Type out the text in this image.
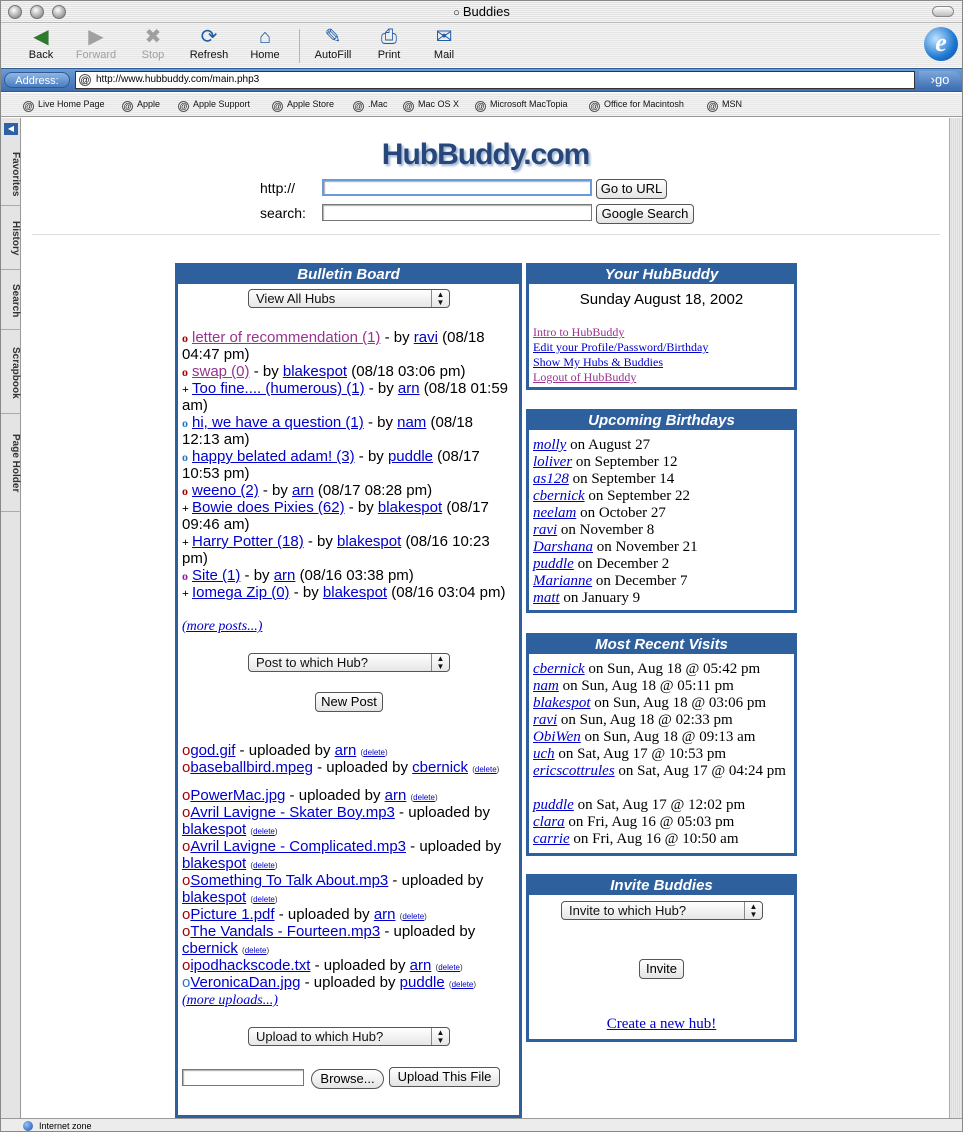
○ Buddies
◀
Back
▶
Forward
✖
Stop
⟳
Refresh
⌂
Home
✎
AutoFill
⎙
Print
✉
Mail	e
Address:	@ http://www.hubbuddy.com/main.php3	›go
@ Live Home Page @ Apple @ Apple Support	@ Apple Store	@ .Mac @ Mac OS X @ Microsoft MacTopia	@ Office for Macintosh	@ MSN
◀
Favorites
History
Search
Scrapbook
Page Holder
HubBuddy.com
http://	Go to URL
search:	Google Search
Bulletin Board
View All Hubs	▲
▼
o letter of recommendation (1) - by ravi (08/18 04:47 pm)
o swap (0) - by blakespot (08/18 03:06 pm)
+ Too fine.... (humerous) (1) - by arn (08/18 01:59 am)
o hi, we have a question (1) - by nam (08/18 12:13 am)
o happy belated adam! (3) - by puddle (08/17 10:53 pm)
o weeno (2) - by arn (08/17 08:28 pm)
+ Bowie does Pixies (62) - by blakespot (08/17 09:46 am)
+ Harry Potter (18) - by blakespot (08/16 10:23 pm)
o Site (1) - by arn (08/16 03:38 pm)
+ Iomega Zip (0) - by blakespot (08/16 03:04 pm)
(more posts...)
Post to which Hub?	▲
▼
New Post
ogod.gif - uploaded by arn (delete)
obaseballbird.mpeg - uploaded by cbernick (delete)
oPowerMac.jpg - uploaded by arn (delete)
oAvril Lavigne - Skater Boy.mp3 - uploaded by blakespot (delete)
oAvril Lavigne - Complicated.mp3 - uploaded by blakespot (delete)
oSomething To Talk About.mp3 - uploaded by blakespot (delete)
oPicture 1.pdf - uploaded by arn (delete)
oThe Vandals - Fourteen.mp3 - uploaded by cbernick (delete)
oipodhackscode.txt - uploaded by arn (delete)
oVeronicaDan.jpg - uploaded by puddle (delete)
(more uploads...)
Upload to which Hub?	▲
▼
Browse...	Upload This File
Your HubBuddy
Sunday August 18, 2002
Intro to HubBuddy
Edit your Profile/Password/Birthday
Show My Hubs & Buddies
Logout of HubBuddy
Upcoming Birthdays
molly on August 27
loliver on September 12
as128 on September 14
cbernick on September 22
neelam on October 27
ravi on November 8
Darshana on November 21
puddle on December 2
Marianne on December 7
matt on January 9
Most Recent Visits
cbernick on Sun, Aug 18 @ 05:42 pm
nam on Sun, Aug 18 @ 05:11 pm
blakespot on Sun, Aug 18 @ 03:06 pm
ravi on Sun, Aug 18 @ 02:33 pm
ObiWen on Sun, Aug 18 @ 09:13 am
uch on Sat, Aug 17 @ 10:53 pm
ericscottrules on Sat, Aug 17 @ 04:24 pm
puddle on Sat, Aug 17 @ 12:02 pm
clara on Fri, Aug 16 @ 05:03 pm
carrie on Fri, Aug 16 @ 10:50 am
Invite Buddies
Invite to which Hub?	▲
▼
Invite
Create a new hub!
Internet zone
